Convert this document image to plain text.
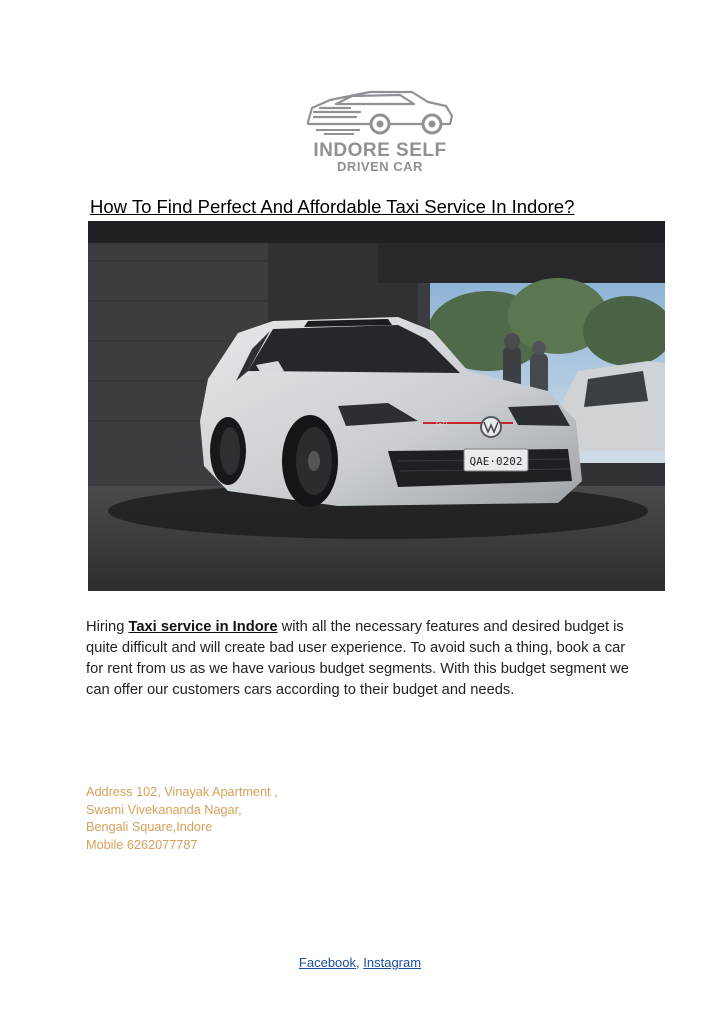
INDORE SELF
DRIVEN CAR
How To Find Perfect And Affordable Taxi Service In Indore?
QAE·0202
GTI
Hiring Taxi service in Indore with all the necessary features and desired budget is quite difficult and will create bad user experience. To avoid such a thing, book a car for rent from us as we have various budget segments. With this budget segment we can offer our customers cars according to their budget and needs.
Address 102, Vinayak Apartment ,
Swami Vivekananda Nagar,
Bengali Square,Indore
Mobile 6262077787
Facebook, Instagram
